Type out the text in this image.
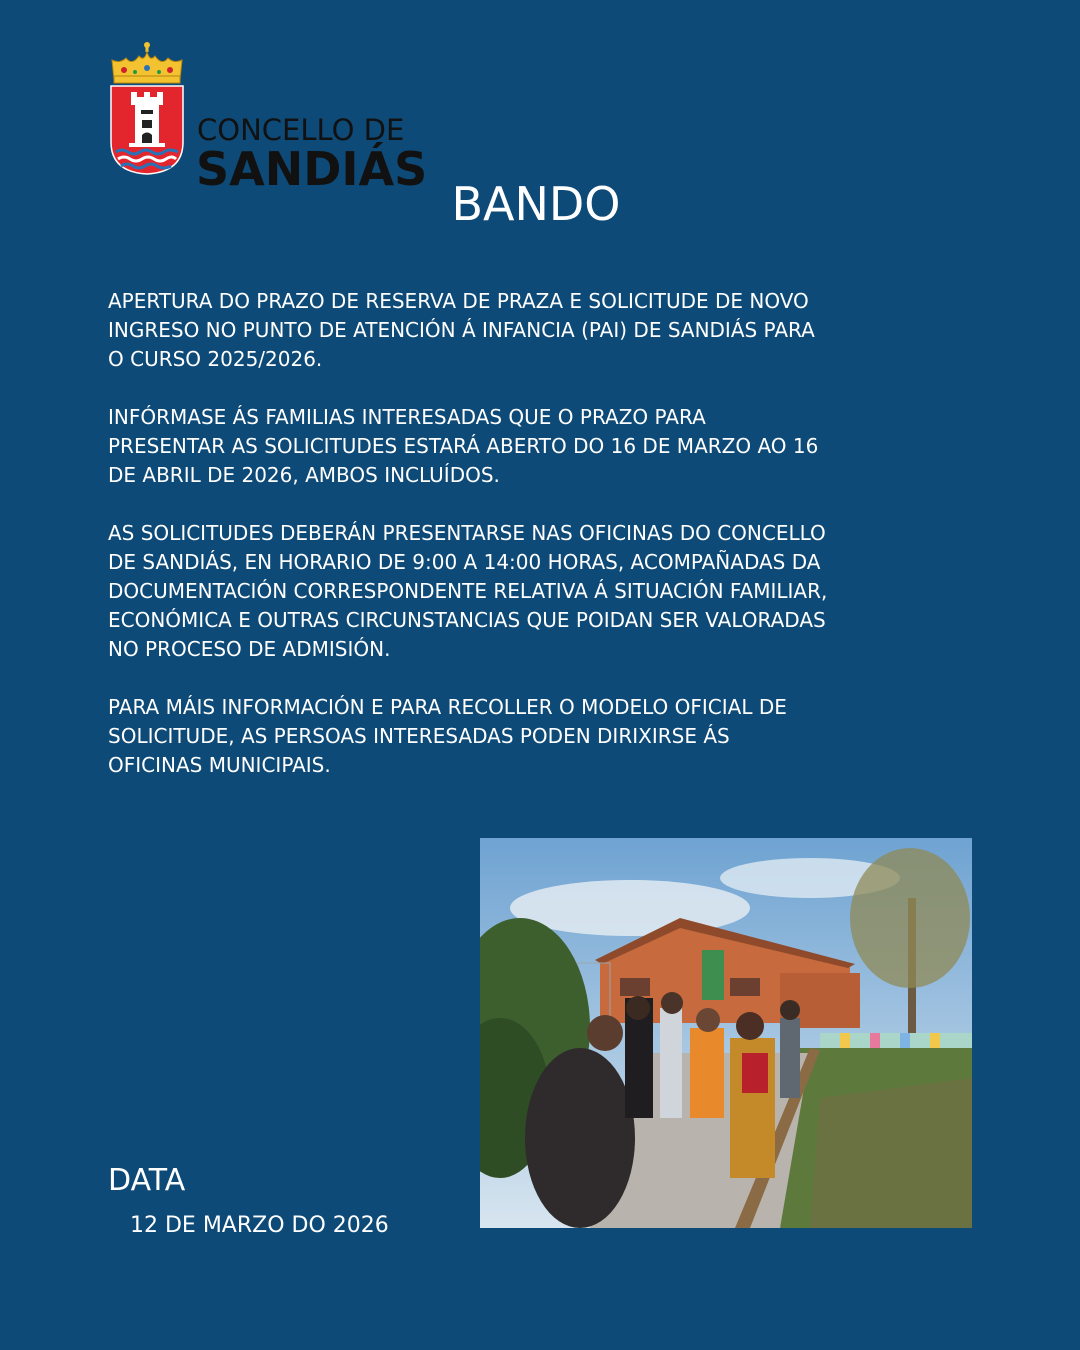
CONCELLO DE
SANDIÁS
BANDO

APERTURA DO PRAZO DE RESERVA DE PRAZA E SOLICITUDE DE NOVO INGRESO NO PUNTO DE ATENCIÓN Á INFANCIA (PAI) DE SANDIÁS PARA O CURSO 2025/2026.

INFÓRMASE ÁS FAMILIAS INTERESADAS QUE O PRAZO PARA PRESENTAR AS SOLICITUDES ESTARÁ ABERTO DO 16 DE MARZO AO 16 DE ABRIL DE 2026, AMBOS INCLUÍDOS.

AS SOLICITUDES DEBERÁN PRESENTARSE NAS OFICINAS DO CONCELLO DE SANDIÁS, EN HORARIO DE 9:00 A 14:00 HORAS, ACOMPAÑADAS DA DOCUMENTACIÓN CORRESPONDENTE RELATIVA Á SITUACIÓN FAMILIAR, ECONÓMICA E OUTRAS CIRCUNSTANCIAS QUE POIDAN SER VALORADAS NO PROCESO DE ADMISIÓN.

PARA MÁIS INFORMACIÓN E PARA RECOLLER O MODELO OFICIAL DE SOLICITUDE, AS PERSOAS INTERESADAS PODEN DIRIXIRSE ÁS OFICINAS MUNICIPAIS.

DATA
12 DE MARZO DO 2026
